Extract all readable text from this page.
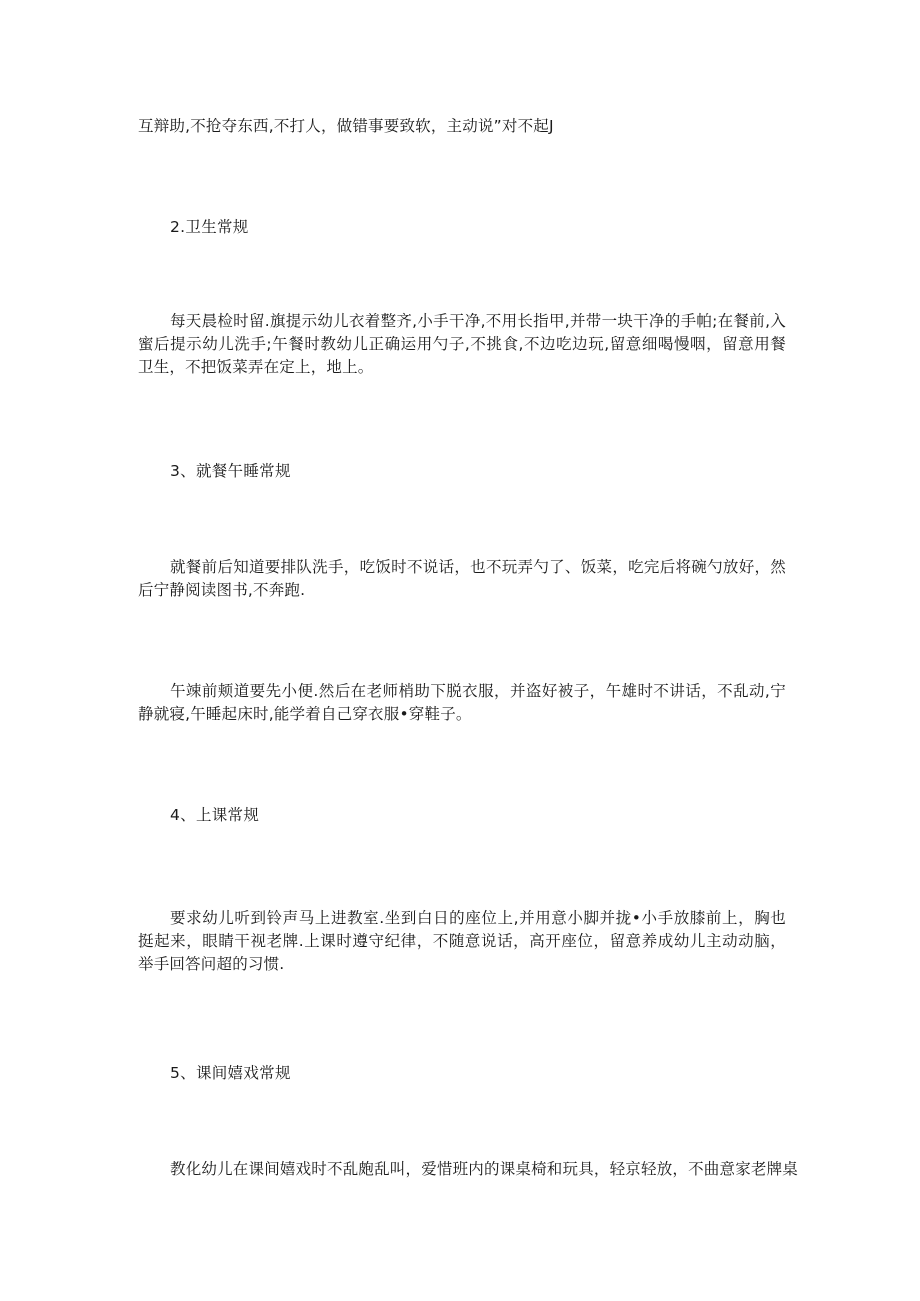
互辩助,不抢夺东西,不打人，做错事要致软，主动说”对不起J
2.卫生常规
每天晨检时留.旗提示幼儿衣着整齐,小手干净,不用长指甲,并带一块干净的手帕;在餐前,入蜜后提示幼儿洗手;午餐时教幼儿正确运用勺子,不挑食,不边吃边玩,留意细喝慢咽，留意用餐卫生，不把饭菜弄在定上，地上。
3、就餐午睡常规
就餐前后知道要排队洗手，吃饭时不说话，也不玩弄勺了、饭菜，吃完后将碗勺放好，然后宁静阅读图书,不奔跑.
午竦前颊道要先小便.然后在老师梢助下脱衣服，并盗好被子，午雄时不讲话，不乱动,宁静就寝,午睡起床时,能学着自己穿衣服•穿鞋子。
4、上课常规
要求幼儿听到铃声马上进教室.坐到白日的座位上,并用意小脚并拢•小手放膝前上，胸也挺起来，眼睛干视老牌.上课时遵守纪律，不随意说话，高开座位，留意养成幼儿主动动脑，举手回答问超的习惯.
5、课间嬉戏常规
教化幼儿在课间嬉戏时不乱皰乱叫，爱惜班内的课桌椅和玩具，轻京轻放，不曲意家老牌桌
